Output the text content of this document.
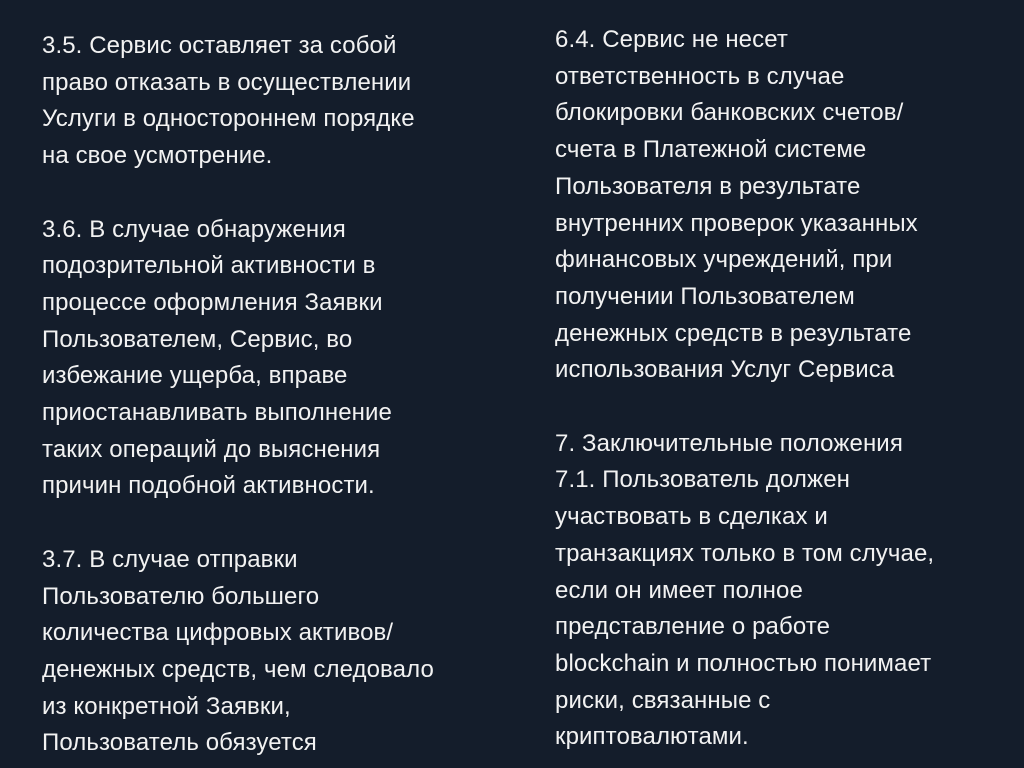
3.5. Сервис оставляет за собой
право отказать в осуществлении
Услуги в одностороннем порядке
на свое усмотрение.

3.6. В случае обнаружения
подозрительной активности в
процессе оформления Заявки
Пользователем, Сервис, во
избежание ущерба, вправе
приостанавливать выполнение
таких операций до выяснения
причин подобной активности.

3.7. В случае отправки
Пользователю большего
количества цифровых активов/
денежных средств, чем следовало
из конкретной Заявки,
Пользователь обязуется

6.4. Сервис не несет
ответственность в случае
блокировки банковских счетов/
счета в Платежной системе
Пользователя в результате
внутренних проверок указанных
финансовых учреждений, при
получении Пользователем
денежных средств в результате
использования Услуг Сервиса

7. Заключительные положения
7.1. Пользователь должен
участвовать в сделках и
транзакциях только в том случае,
если он имеет полное
представление о работе
blockchain и полностью понимает
риски, связанные с
криптовалютами.
